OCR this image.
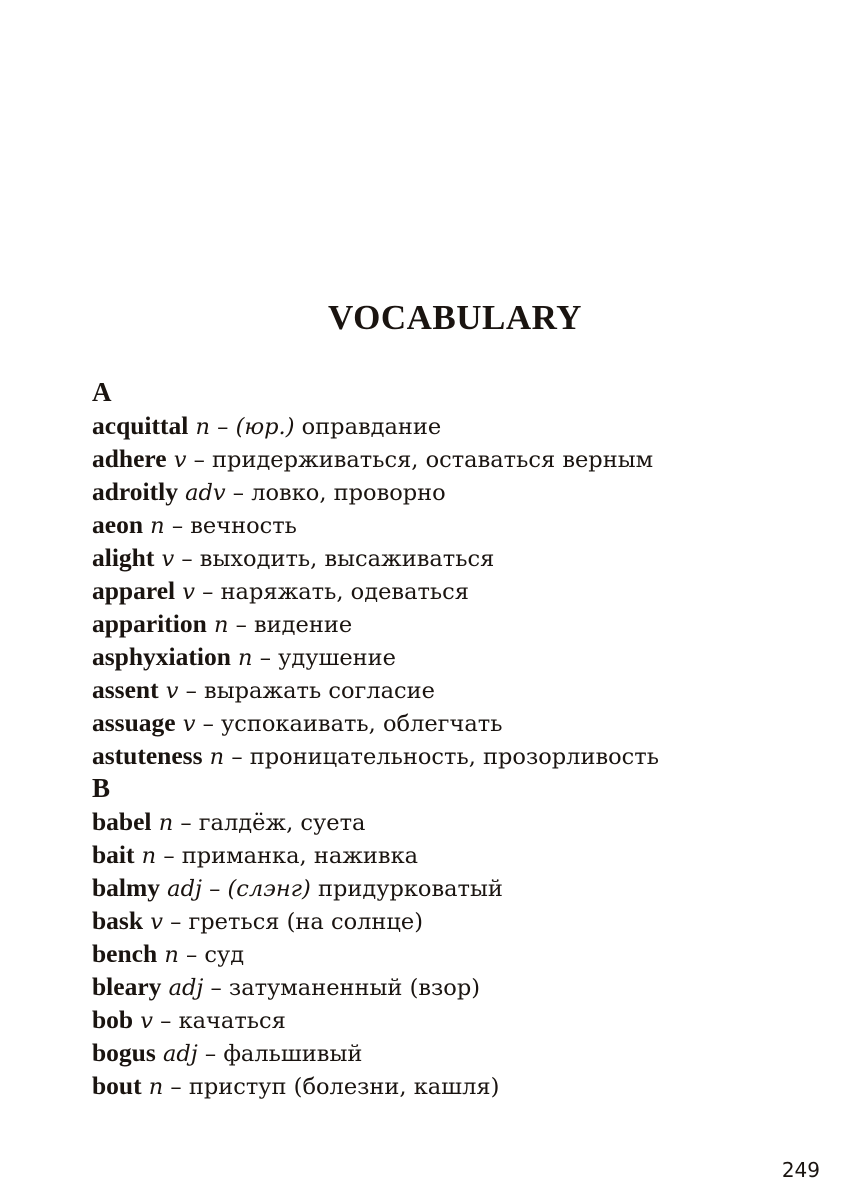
VOCABULARY
A
acquittal n – (юр.) оправдание
adhere v – придерживаться, оставаться верным
adroitly adv – ловко, проворно
aeon n – вечность
alight v – выходить, высаживаться
apparel v – наряжать, одеваться
apparition n – видение
asphyxiation n – удушение
assent v – выражать согласие
assuage v – успокаивать, облегчать
astuteness n – проницательность, прозорливость
B
babel n – галдёж, суета
bait n – приманка, наживка
balmy adj – (слэнг) придурковатый
bask v – греться (на солнце)
bench n – суд
bleary adj – затуманенный (взор)
bob v – качаться
bogus adj – фальшивый
bout n – приступ (болезни, кашля)
249
